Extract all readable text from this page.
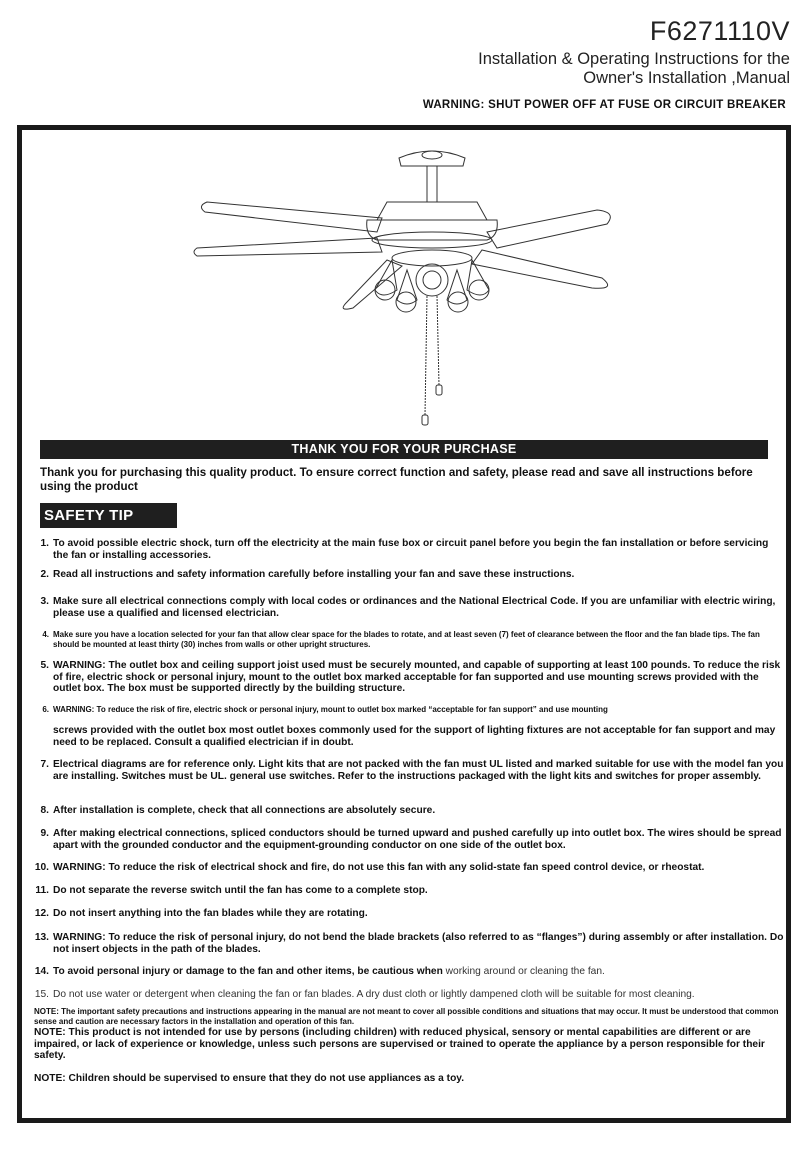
F6271110V
Installation & Operating Instructions for the
Owner's Installation ,Manual
WARNING: SHUT POWER OFF AT FUSE OR CIRCUIT BREAKER
THANK YOU FOR YOUR PURCHASE
Thank you for purchasing this quality product. To ensure correct function and safety, please read and save all instructions before using the product
SAFETY TIP
1. To avoid possible electric shock, turn off the electricity at the main fuse box or circuit panel before you begin the fan installation or before servicing the fan or installing accessories.
2. Read all instructions and safety information carefully before installing your fan and save these instructions.
3. Make sure all electrical connections comply with local codes or ordinances and the National Electrical Code. If you are unfamiliar with electric wiring, please use a qualified and licensed electrician.
4. Make sure you have a location selected for your fan that allow clear space for the blades to rotate, and at least seven (7) feet of clearance between the floor and the fan blade tips. The fan should be mounted at least thirty (30) inches from walls or other upright structures.
5. WARNING: The outlet box and ceiling support joist used must be securely mounted, and capable of supporting at least 100 pounds. To reduce the risk of fire, electric shock or personal injury, mount to the outlet box marked acceptable for fan supported and use mounting screws provided with the outlet box. The box must be supported directly by the building structure.
6. WARNING: To reduce the risk of fire, electric shock or personal injury, mount to outlet box marked “acceptable for fan support” and use mounting
screws provided with the outlet box most outlet boxes commonly used for the support of lighting fixtures are not acceptable for fan support and may need to be replaced. Consult a qualified electrician if in doubt.
7. Electrical diagrams are for reference only. Light kits that are not packed with the fan must UL listed and marked suitable for use with the model fan you are installing. Switches must be UL. general use switches. Refer to the instructions packaged with the light kits and switches for proper assembly.
8. After installation is complete, check that all connections are absolutely secure.
9. After making electrical connections, spliced conductors should be turned upward and pushed carefully up into outlet box. The wires should be spread apart with the grounded conductor and the equipment-grounding conductor on one side of the outlet box.
10. WARNING: To reduce the risk of electrical shock and fire, do not use this fan with any solid-state fan speed control device, or rheostat.
11. Do not separate the reverse switch until the fan has come to a complete stop.
12. Do not insert anything into the fan blades while they are rotating.
13. WARNING: To reduce the risk of personal injury, do not bend the blade brackets (also referred to as “flanges”) during assembly or after installation. Do not insert objects in the path of the blades.
14. To avoid personal injury or damage to the fan and other items, be cautious when working around or cleaning the fan.
15. Do not use water or detergent when cleaning the fan or fan blades. A dry dust cloth or lightly dampened cloth will be suitable for most cleaning.
NOTE: The important safety precautions and instructions appearing in the manual are not meant to cover all possible conditions and situations that may occur. It must be understood that common sense and caution are necessary factors in the installation and operation of this fan.
NOTE: This product is not intended for use by persons (including children) with reduced physical, sensory or mental capabilities are different or are impaired, or lack of experience or knowledge, unless such persons are supervised or trained to operate the appliance by a person responsible for their safety.
NOTE: Children should be supervised to ensure that they do not use appliances as a toy.
